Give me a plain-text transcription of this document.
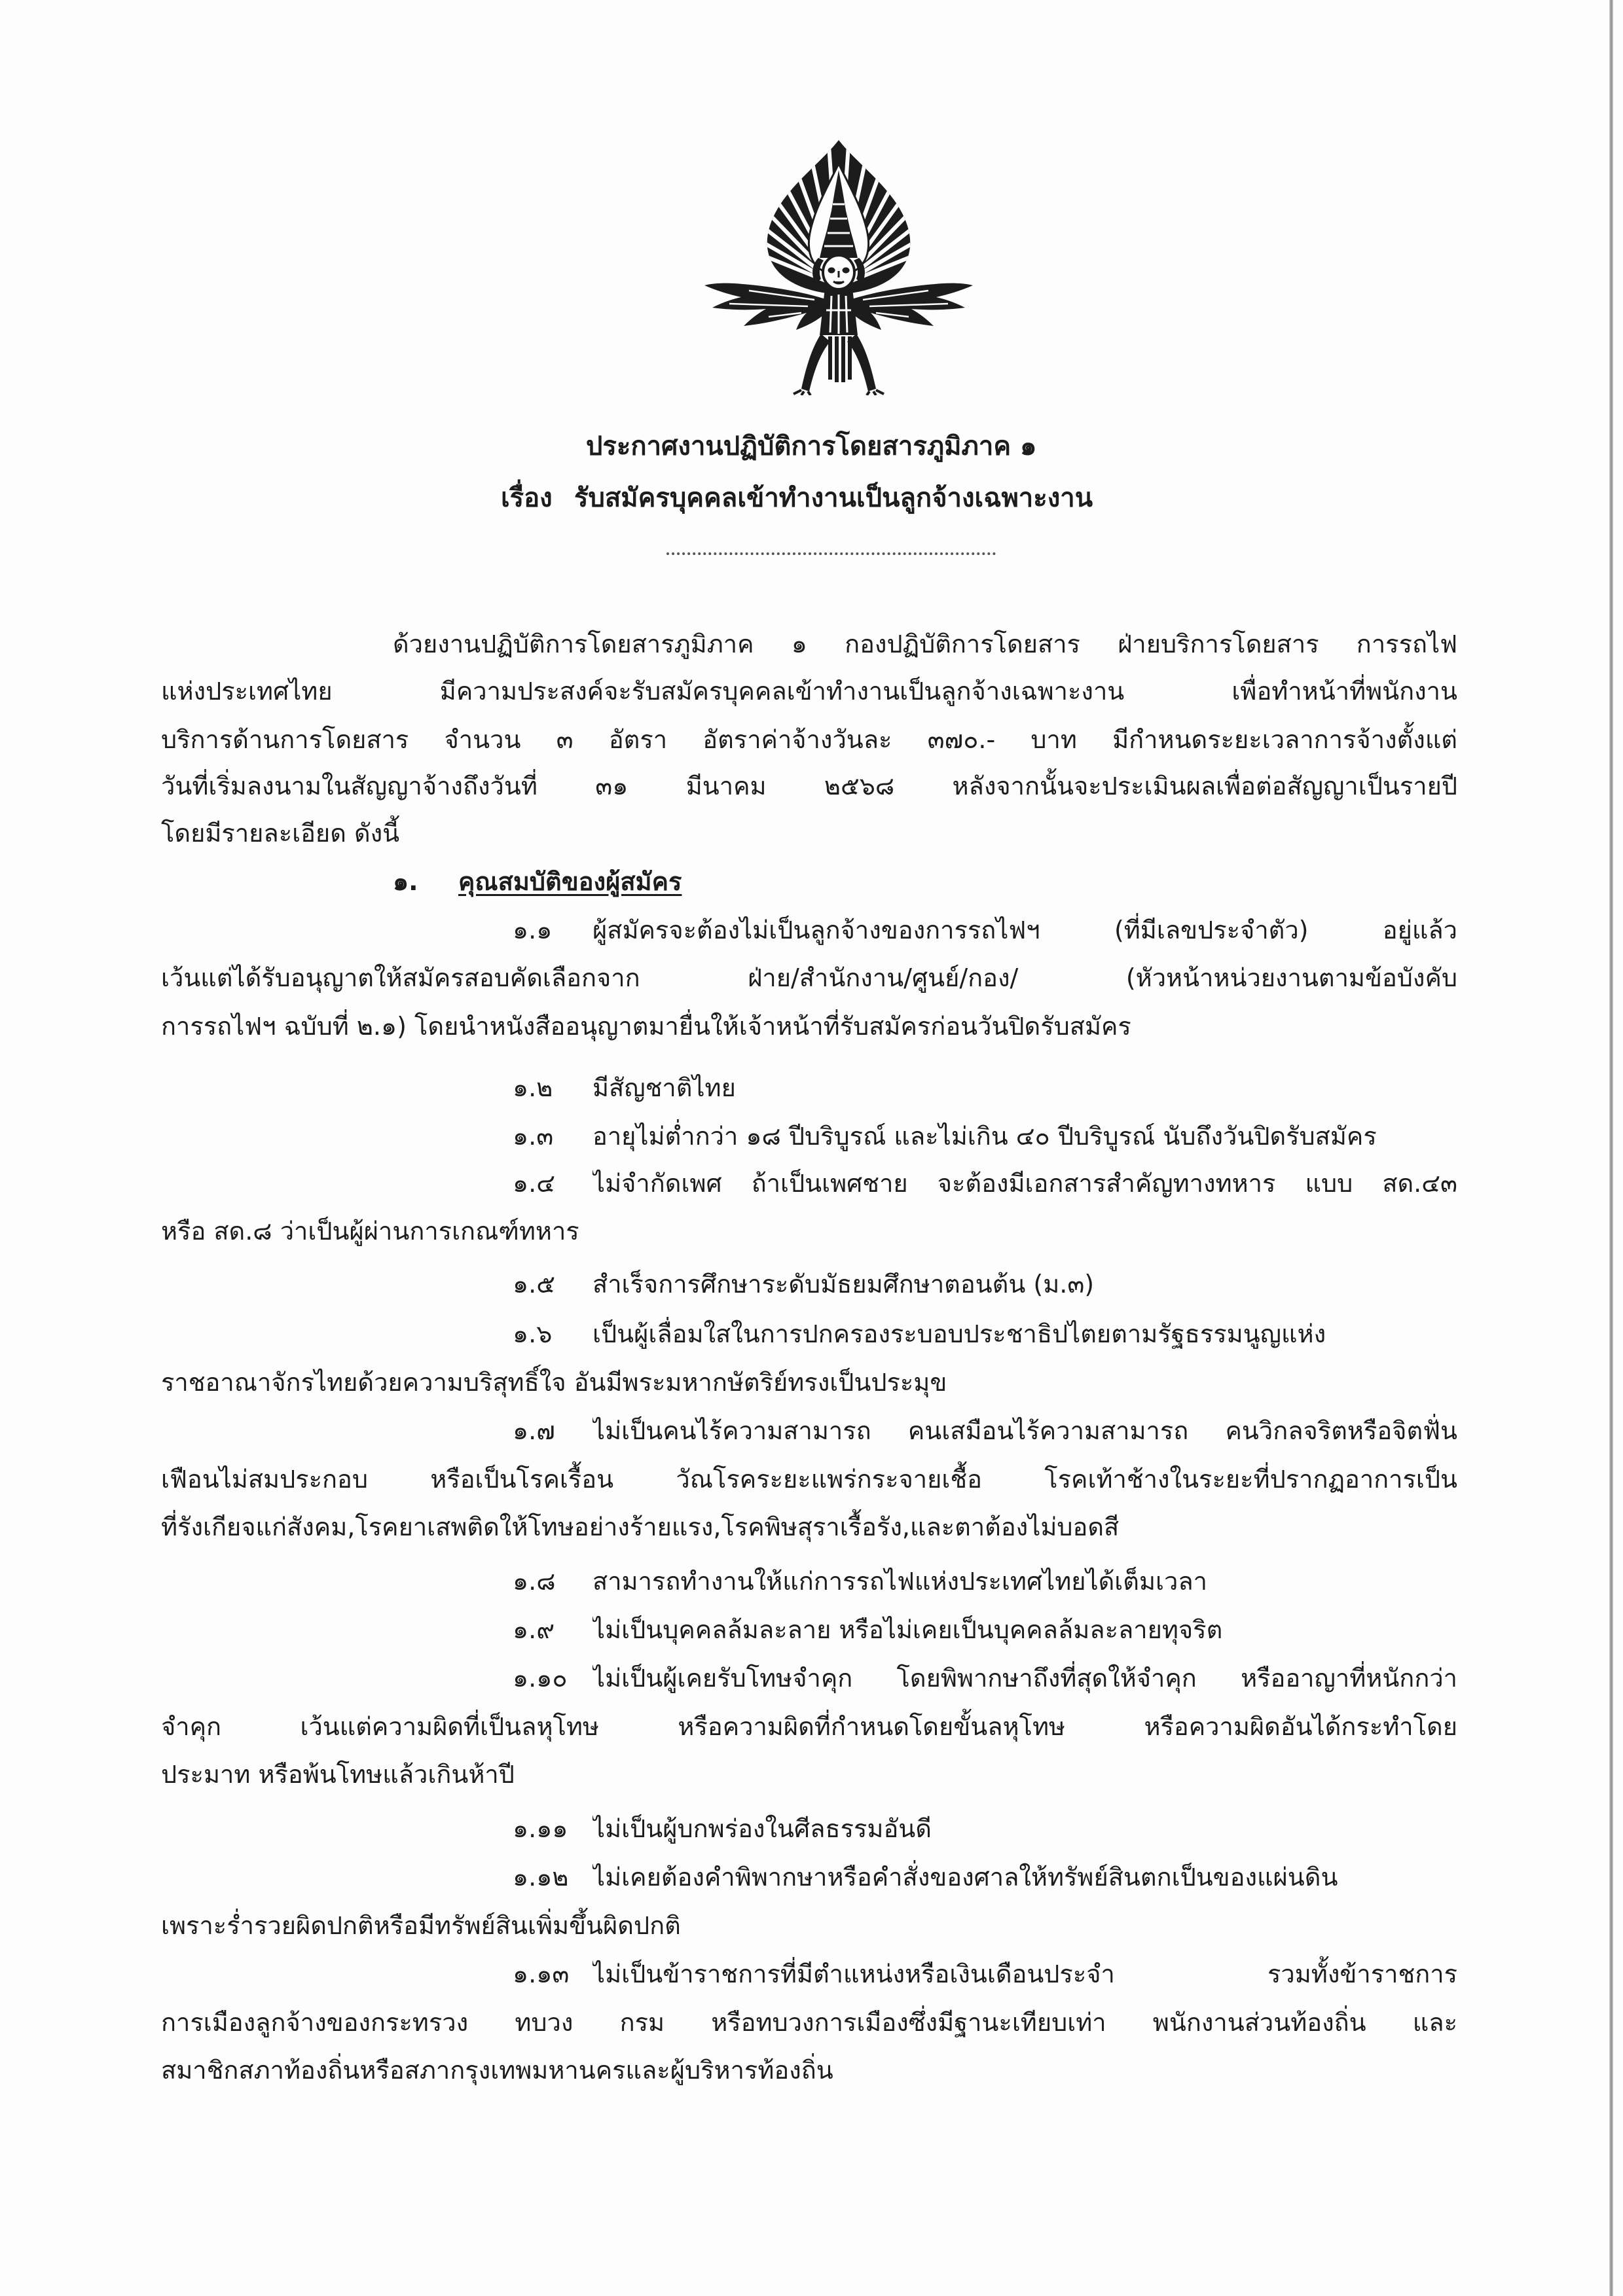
ประกาศงานปฏิบัติการโดยสารภูมิภาค ๑
เรื่อง รับสมัครบุคคลเข้าทำงานเป็นลูกจ้างเฉพาะงาน
ด้วยงานปฏิบัติการโดยสารภูมิภาค ๑ กองปฏิบัติการโดยสาร ฝ่ายบริการโดยสาร การรถไฟ
แห่งประเทศไทย มีความประสงค์จะรับสมัครบุคคลเข้าทำงานเป็นลูกจ้างเฉพาะงาน เพื่อทำหน้าที่พนักงาน
บริการด้านการโดยสาร จำนวน ๓ อัตรา อัตราค่าจ้างวันละ ๓๗๐.- บาท มีกำหนดระยะเวลาการจ้างตั้งแต่
วันที่เริ่มลงนามในสัญญาจ้างถึงวันที่ ๓๑ มีนาคม ๒๕๖๘ หลังจากนั้นจะประเมินผลเพื่อต่อสัญญาเป็นรายปี
โดยมีรายละเอียด ดังนี้
๑.	คุณสมบัติของผู้สมัคร
๑.๑	ผู้สมัครจะต้องไม่เป็นลูกจ้างของการรถไฟฯ (ที่มีเลขประจำตัว) อยู่แล้ว
เว้นแต่ได้รับอนุญาตให้สมัครสอบคัดเลือกจาก ฝ่าย/สำนักงาน/ศูนย์/กอง/ (หัวหน้าหน่วยงานตามข้อบังคับ
การรถไฟฯ ฉบับที่ ๒.๑) โดยนำหนังสืออนุญาตมายื่นให้เจ้าหน้าที่รับสมัครก่อนวันปิดรับสมัคร
๑.๒	มีสัญชาติไทย
๑.๓	อายุไม่ต่ำกว่า ๑๘ ปีบริบูรณ์ และไม่เกิน ๔๐ ปีบริบูรณ์ นับถึงวันปิดรับสมัคร
๑.๔	ไม่จำกัดเพศ ถ้าเป็นเพศชาย จะต้องมีเอกสารสำคัญทางทหาร แบบ สด.๔๓
หรือ สด.๘ ว่าเป็นผู้ผ่านการเกณฑ์ทหาร
๑.๕	สำเร็จการศึกษาระดับมัธยมศึกษาตอนต้น (ม.๓)
๑.๖	เป็นผู้เลื่อมใสในการปกครองระบอบประชาธิปไตยตามรัฐธรรมนูญแห่ง
ราชอาณาจักรไทยด้วยความบริสุทธิ์ใจ อันมีพระมหากษัตริย์ทรงเป็นประมุข
๑.๗	ไม่เป็นคนไร้ความสามารถ คนเสมือนไร้ความสามารถ คนวิกลจริตหรือจิตฟั่น
เฟือนไม่สมประกอบ หรือเป็นโรคเรื้อน วัณโรคระยะแพร่กระจายเชื้อ โรคเท้าช้างในระยะที่ปรากฏอาการเป็น
ที่รังเกียจแก่สังคม,โรคยาเสพติดให้โทษอย่างร้ายแรง,โรคพิษสุราเรื้อรัง,และตาต้องไม่บอดสี
๑.๘	สามารถทำงานให้แก่การรถไฟแห่งประเทศไทยได้เต็มเวลา
๑.๙	ไม่เป็นบุคคลล้มละลาย หรือไม่เคยเป็นบุคคลล้มละลายทุจริต
๑.๑๐	ไม่เป็นผู้เคยรับโทษจำคุก โดยพิพากษาถึงที่สุดให้จำคุก หรืออาญาที่หนักกว่า
จำคุก เว้นแต่ความผิดที่เป็นลหุโทษ หรือความผิดที่กำหนดโดยขั้นลหุโทษ หรือความผิดอันได้กระทำโดย
ประมาท หรือพ้นโทษแล้วเกินห้าปี
๑.๑๑ ไม่เป็นผู้บกพร่องในศีลธรรมอันดี
๑.๑๒ ไม่เคยต้องคำพิพากษาหรือคำสั่งของศาลให้ทรัพย์สินตกเป็นของแผ่นดิน
เพราะร่ำรวยผิดปกติหรือมีทรัพย์สินเพิ่มขึ้นผิดปกติ
๑.๑๓ ไม่เป็นข้าราชการที่มีตำแหน่งหรือเงินเดือนประจำ รวมทั้งข้าราชการ
การเมืองลูกจ้างของกระทรวง ทบวง กรม หรือทบวงการเมืองซึ่งมีฐานะเทียบเท่า พนักงานส่วนท้องถิ่น และ
สมาชิกสภาท้องถิ่นหรือสภากรุงเทพมหานครและผู้บริหารท้องถิ่น
